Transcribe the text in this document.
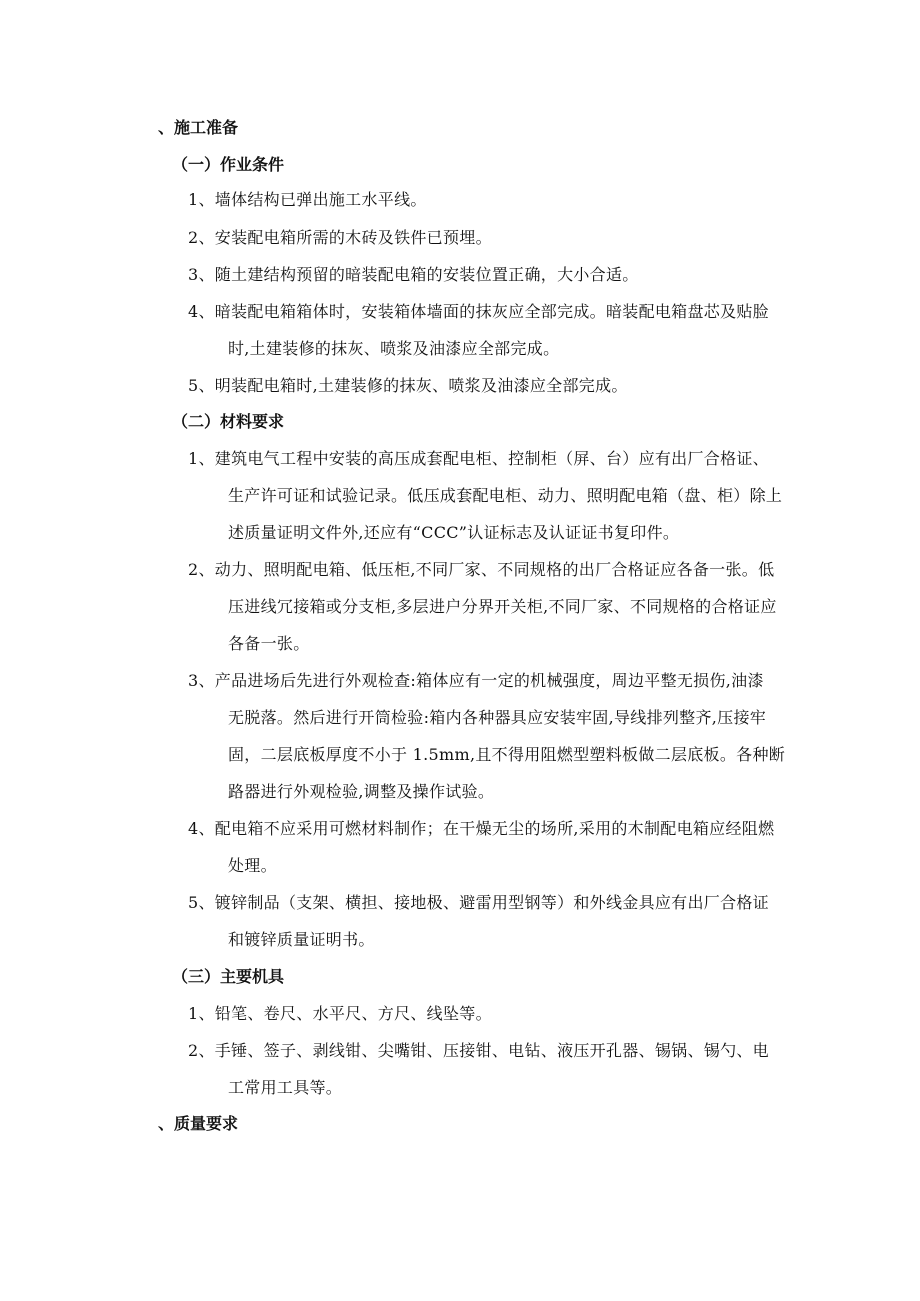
、施工准备
（一）作业条件
1、墙体结构已弹出施工水平线。
2、安装配电箱所需的木砖及铁件已预埋。
3、随土建结构预留的暗装配电箱的安装位置正确，大小合适。
4、暗装配电箱箱体时，安装箱体墙面的抹灰应全部完成。暗装配电箱盘芯及贴脸
时,土建装修的抹灰、喷浆及油漆应全部完成。
5、明装配电箱时,土建装修的抹灰、喷浆及油漆应全部完成。
（二）材料要求
1、建筑电气工程中安装的高压成套配电柜、控制柜（屏、台）应有出厂合格证、
生产许可证和试验记录。低压成套配电柜、动力、照明配电箱（盘、柜）除上
述质量证明文件外,还应有“CCC”认证标志及认证证书复印件。
2、动力、照明配电箱、低压柜,不同厂家、不同规格的出厂合格证应各备一张。低
压进线冗接箱或分支柜,多层进户分界开关柜,不同厂家、不同规格的合格证应
各备一张。
3、产品进场后先进行外观检查:箱体应有一定的机械强度，周边平整无损伤,油漆
无脱落。然后进行开筒检验:箱内各种器具应安装牢固,导线排列整齐,压接牢
固，二层底板厚度不小于 1.5mm,且不得用阻燃型塑料板做二层底板。各种断
路器进行外观检验,调整及操作试验。
4、配电箱不应采用可燃材料制作；在干燥无尘的场所,采用的木制配电箱应经阻燃
处理。
5、镀锌制品（支架、横担、接地极、避雷用型钢等）和外线金具应有出厂合格证
和镀锌质量证明书。
（三）主要机具
1、铅笔、卷尺、水平尺、方尺、线坠等。
2、手锤、签子、剥线钳、尖嘴钳、压接钳、电钻、液压开孔器、锡锅、锡勺、电
工常用工具等。
、质量要求
